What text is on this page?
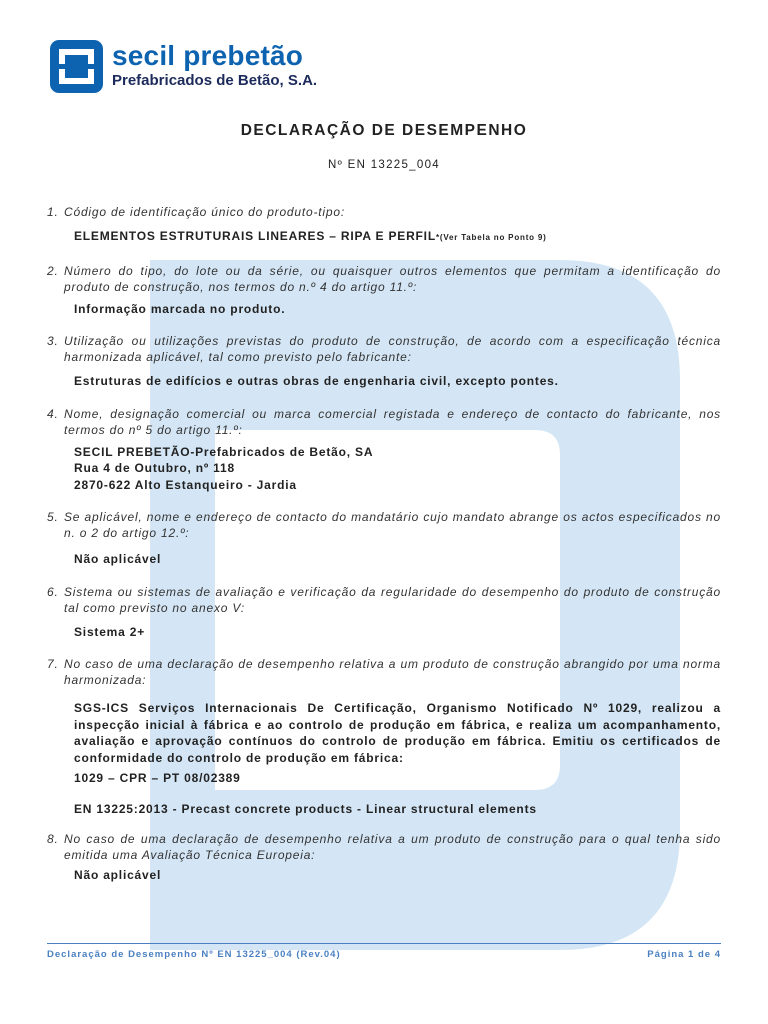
secil prebetão
Prefabricados de Betão, S.A.
DECLARAÇÃO DE DESEMPENHO
Nº EN 13225_004
1. Código de identificação único do produto-tipo:
ELEMENTOS ESTRUTURAIS LINEARES – RIPA E PERFIL*(Ver Tabela no Ponto 9)
2. Número do tipo, do lote ou da série, ou quaisquer outros elementos que permitam a identificação do produto de construção, nos termos do n.º 4 do artigo 11.º:
Informação marcada no produto.
3. Utilização ou utilizações previstas do produto de construção, de acordo com a especificação técnica harmonizada aplicável, tal como previsto pelo fabricante:
Estruturas de edifícios e outras obras de engenharia civil, excepto pontes.
4. Nome, designação comercial ou marca comercial registada e endereço de contacto do fabricante, nos termos do nº 5 do artigo 11.º:
SECIL PREBETÃO-Prefabricados de Betão, SA
Rua 4 de Outubro, nº 118
2870-622 Alto Estanqueiro - Jardia
5. Se aplicável, nome e endereço de contacto do mandatário cujo mandato abrange os actos especificados no n. o 2 do artigo 12.º:
Não aplicável
6. Sistema ou sistemas de avaliação e verificação da regularidade do desempenho do produto de construção tal como previsto no anexo V:
Sistema 2+
7. No caso de uma declaração de desempenho relativa a um produto de construção abrangido por uma norma harmonizada:
SGS-ICS Serviços Internacionais De Certificação, Organismo Notificado Nº 1029, realizou a inspecção inicial à fábrica e ao controlo de produção em fábrica, e realiza um acompanhamento, avaliação e aprovação contínuos do controlo de produção em fábrica. Emitiu os certificados de conformidade do controlo de produção em fábrica:
1029 – CPR – PT 08/02389
EN 13225:2013 - Precast concrete products - Linear structural elements
8. No caso de uma declaração de desempenho relativa a um produto de construção para o qual tenha sido emitida uma Avaliação Técnica Europeia:
Não aplicável
Declaração de Desempenho Nº EN 13225_004 (Rev.04)	Página 1 de 4
